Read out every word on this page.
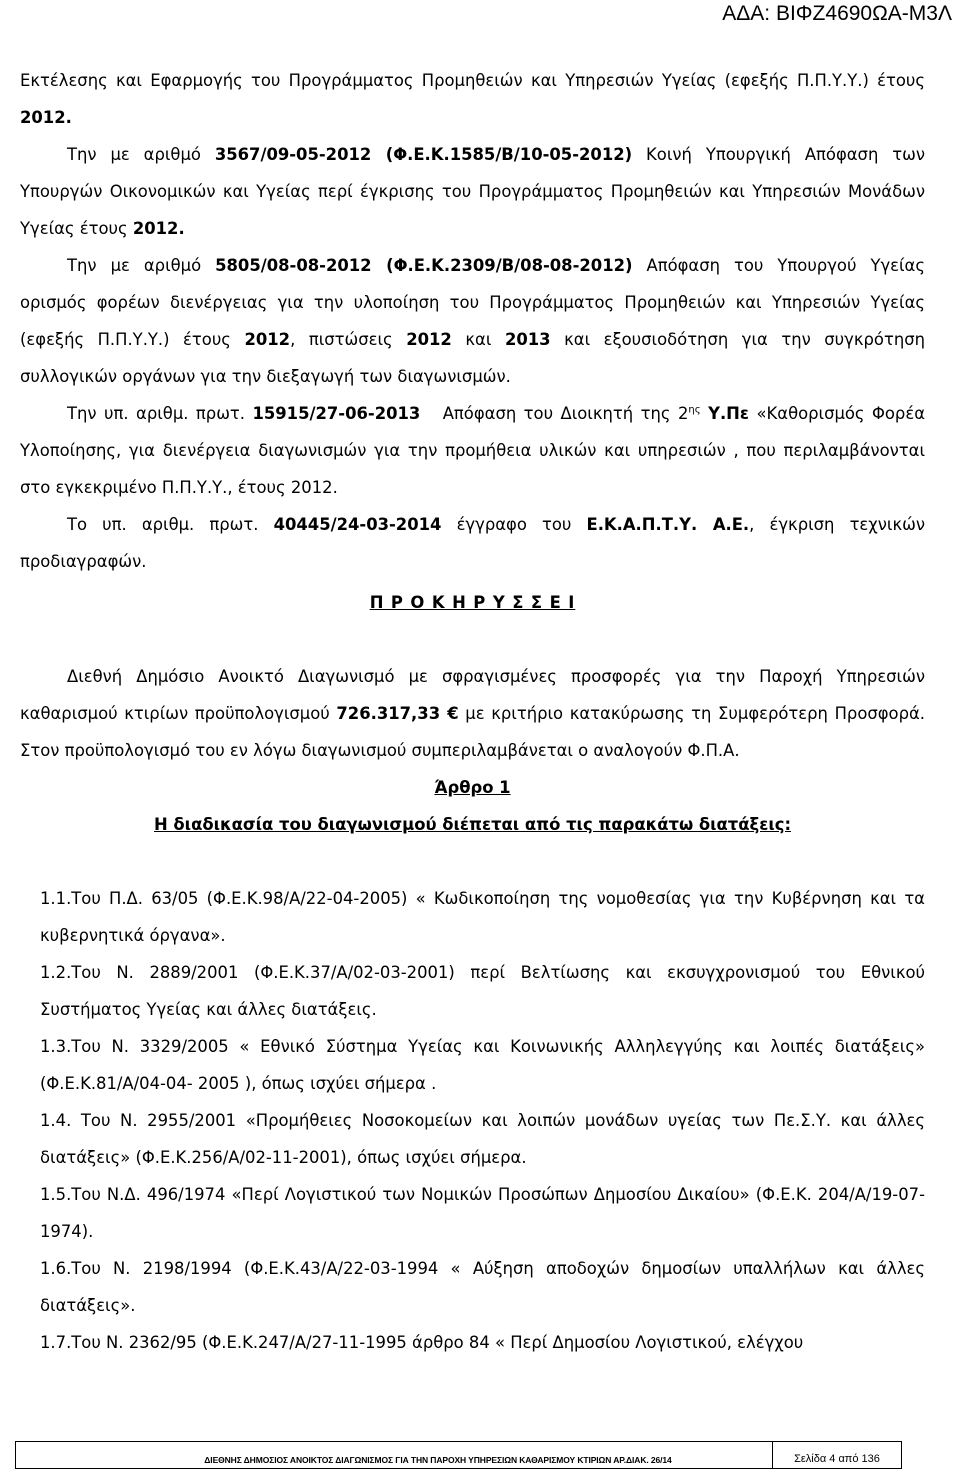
ΑΔΑ: ΒΙΦΖ4690ΩΑ-Μ3Λ

Εκτέλεσης και Εφαρμογής του Προγράμματος Προμηθειών και Υπηρεσιών Υγείας (εφεξής Π.Π.Υ.Υ.) έτους 2012.

Την με αριθμό 3567/09-05-2012 (Φ.Ε.Κ.1585/Β/10-05-2012) Κοινή Υπουργική Απόφαση των Υπουργών Οικονομικών και Υγείας περί έγκρισης του Προγράμματος Προμηθειών και Υπηρεσιών Μονάδων Υγείας έτους 2012.

Την με αριθμό 5805/08-08-2012 (Φ.Ε.Κ.2309/Β/08-08-2012) Απόφαση του Υπουργού Υγείας ορισμός φορέων διενέργειας για την υλοποίηση του Προγράμματος Προμηθειών και Υπηρεσιών Υγείας (εφεξής Π.Π.Υ.Υ.) έτους 2012, πιστώσεις 2012 και 2013 και εξουσιοδότηση για την συγκρότηση συλλογικών οργάνων για την διεξαγωγή των διαγωνισμών.

Την υπ. αριθμ. πρωτ. 15915/27-06-2013 Απόφαση του Διοικητή της $2^{\eta\varsigma}$ Υ.Πε «Καθορισμός Φορέα Υλοποίησης, για διενέργεια διαγωνισμών για την προμήθεια υλικών και υπηρεσιών , που περιλαμβάνονται στο εγκεκριμένο Π.Π.Υ.Υ., έτους 2012.

Το υπ. αριθμ. πρωτ. 40445/24-03-2014 έγγραφο του Ε.Κ.Α.Π.Τ.Υ. Α.Ε., έγκριση τεχνικών προδιαγραφών.

Π Ρ Ο Κ Η Ρ Υ Σ Σ Ε Ι

Διεθνή Δημόσιο Ανοικτό Διαγωνισμό με σφραγισμένες προσφορές για την Παροχή Υπηρεσιών καθαρισμού κτιρίων προϋπολογισμού 726.317,33 € με κριτήριο κατακύρωσης τη Συμφερότερη Προσφορά. Στον προϋπολογισμό του εν λόγω διαγωνισμού συμπεριλαμβάνεται ο αναλογούν Φ.Π.Α.

Άρθρο 1

Η διαδικασία του διαγωνισμού διέπεται από τις παρακάτω διατάξεις:

1.1.Του Π.Δ. 63/05 (Φ.Ε.Κ.98/Α/22-04-2005) « Κωδικοποίηση της νομοθεσίας για την Κυβέρνηση και τα κυβερνητικά όργανα».

1.2.Του Ν. 2889/2001 (Φ.Ε.Κ.37/Α/02-03-2001) περί Βελτίωσης και εκσυγχρονισμού του Εθνικού Συστήματος Υγείας και άλλες διατάξεις.

1.3.Του Ν. 3329/2005 « Εθνικό Σύστημα Υγείας και Κοινωνικής Αλληλεγγύης και λοιπές διατάξεις» (Φ.Ε.Κ.81/Α/04-04- 2005 ), όπως ισχύει σήμερα .

1.4. Του Ν. 2955/2001 «Προμήθειες Νοσοκομείων και λοιπών μονάδων υγείας των Πε.Σ.Υ. και άλλες διατάξεις» (Φ.Ε.Κ.256/Α/02-11-2001), όπως ισχύει σήμερα.

1.5.Του Ν.Δ. 496/1974 «Περί Λογιστικού των Νομικών Προσώπων Δημοσίου Δικαίου» (Φ.Ε.Κ. 204/Α/19-07-1974).

1.6.Του Ν. 2198/1994 (Φ.Ε.Κ.43/Α/22-03-1994 « Αύξηση αποδοχών δημοσίων υπαλλήλων και άλλες διατάξεις».

1.7.Του Ν. 2362/95 (Φ.Ε.Κ.247/Α/27-11-1995 άρθρο 84 « Περί Δημοσίου Λογιστικού, ελέγχου

ΔΙΕΘΝΗΣ ΔΗΜΟΣΙΟΣ ΑΝΟΙΚΤΟΣ ΔΙΑΓΩΝΙΣΜΟΣ ΓΙΑ ΤΗΝ ΠΑΡΟΧΗ ΥΠΗΡΕΣΙΩΝ ΚΑΘΑΡΙΣΜΟΥ ΚΤΙΡΙΩΝ ΑΡ.ΔΙΑΚ. 26/14	Σελίδα 4 από 136
